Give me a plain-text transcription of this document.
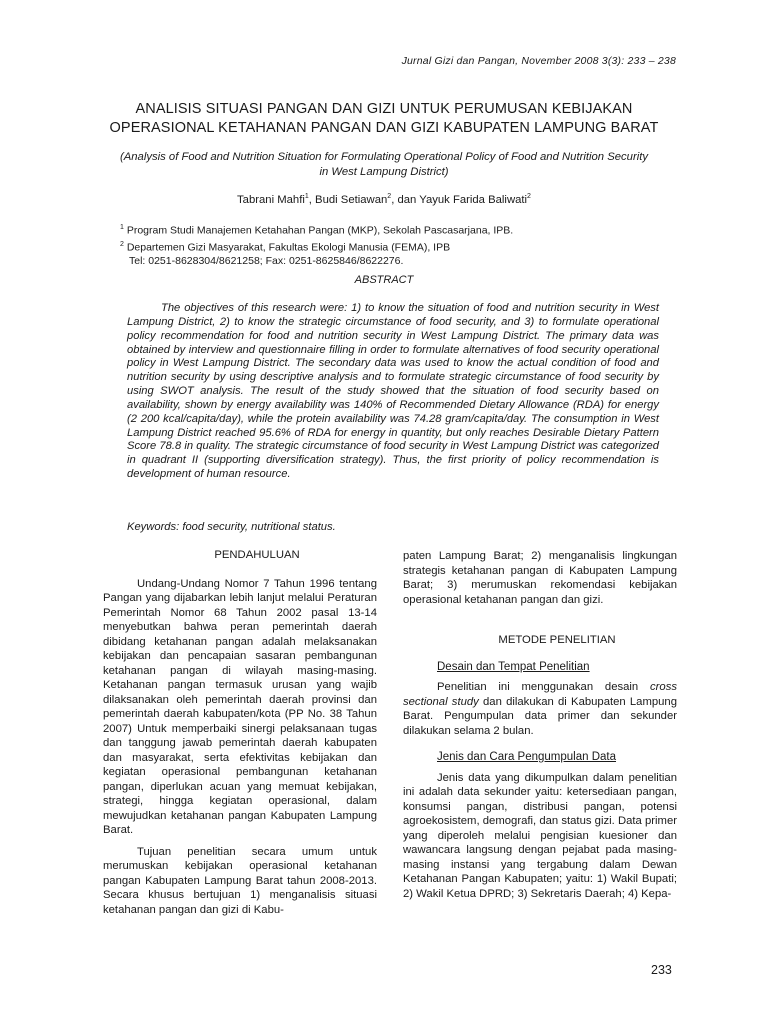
Jurnal Gizi dan Pangan, November 2008 3(3): 233 – 238
ANALISIS SITUASI PANGAN DAN GIZI UNTUK PERUMUSAN KEBIJAKAN
OPERASIONAL KETAHANAN PANGAN DAN GIZI KABUPATEN LAMPUNG BARAT
(Analysis of Food and Nutrition Situation for Formulating Operational Policy of Food and Nutrition Security in West Lampung District)
Tabrani Mahfi$^1$, Budi Setiawan$^2$, dan Yayuk Farida Baliwati$^2$
$^1$ Program Studi Manajemen Ketahahan Pangan (MKP), Sekolah Pascasarjana, IPB.
$^2$ Departemen Gizi Masyarakat, Fakultas Ekologi Manusia (FEMA), IPB
Tel: 0251-8628304/8621258; Fax: 0251-8625846/8622276.
ABSTRACT

The objectives of this research were: 1) to know the situation of food and nutrition security in West Lampung District, 2) to know the strategic circumstance of food security, and 3) to formulate operational policy recommendation for food and nutrition security in West Lampung District. The primary data was obtained by interview and questionnaire filling in order to formulate alternatives of food security operational policy in West Lampung District. The secondary data was used to know the actual condition of food and nutrition security by using descriptive analysis and to formulate strategic circumstance of food security by using SWOT analysis. The result of the study showed that the situation of food security based on availability, shown by energy availability was 140% of Recommended Dietary Allowance (RDA) for energy (2 200 kcal/capita/day), while the protein availability was 74.28 gram/capita/day. The consumption in West Lampung District reached 95.6% of RDA for energy in quantity, but only reaches Desirable Dietary Pattern Score 78.8 in quality. The strategic circumstance of food security in West Lampung District was categorized in quadrant II (supporting diversification strategy). Thus, the first priority of policy recommendation is development of human resource.

Keywords: food security, nutritional status.

PENDAHULUAN

Undang-Undang Nomor 7 Tahun 1996 tentang Pangan yang dijabarkan lebih lanjut melalui Peraturan Pemerintah Nomor 68 Tahun 2002 pasal 13-14 menyebutkan bahwa peran pemerintah daerah dibidang ketahanan pangan adalah melaksanakan kebijakan dan pencapaian sasaran pembangunan ketahanan pangan di wilayah masing-masing. Ketahanan pangan termasuk urusan yang wajib dilaksanakan oleh pemerintah daerah provinsi dan pemerintah daerah kabupaten/kota (PP No. 38 Tahun 2007) Untuk memperbaiki sinergi pelaksanaan tugas dan tanggung jawab pemerintah daerah kabupaten dan masyarakat, serta efektivitas kebijakan dan kegiatan operasional pembangunan ketahanan pangan, diperlukan acuan yang memuat kebijakan, strategi, hingga kegiatan operasional, dalam mewujudkan ketahanan pangan Kabupaten Lampung Barat.

Tujuan penelitian secara umum untuk merumuskan kebijakan operasional ketahanan pangan Kabupaten Lampung Barat tahun 2008-2013. Secara khusus bertujuan 1) menganalisis situasi ketahanan pangan dan gizi di Kabu-

paten Lampung Barat; 2) menganalisis lingkungan strategis ketahanan pangan di Kabupaten Lampung Barat; 3) merumuskan rekomendasi kebijakan operasional ketahanan pangan dan gizi.

METODE PENELITIAN

Desain dan Tempat Penelitian

Penelitian ini menggunakan desain cross sectional study dan dilakukan di Kabupaten Lampung Barat. Pengumpulan data primer dan sekunder dilakukan selama 2 bulan.

Jenis dan Cara Pengumpulan Data

Jenis data yang dikumpulkan dalam penelitian ini adalah data sekunder yaitu: ketersediaan pangan, konsumsi pangan, distribusi pangan, potensi agroekosistem, demografi, dan status gizi. Data primer yang diperoleh melalui pengisian kuesioner dan wawancara langsung dengan pejabat pada masing-masing instansi yang tergabung dalam Dewan Ketahanan Pangan Kabupaten; yaitu: 1) Wakil Bupati; 2) Wakil Ketua DPRD; 3) Sekretaris Daerah; 4) Kepa-

233
